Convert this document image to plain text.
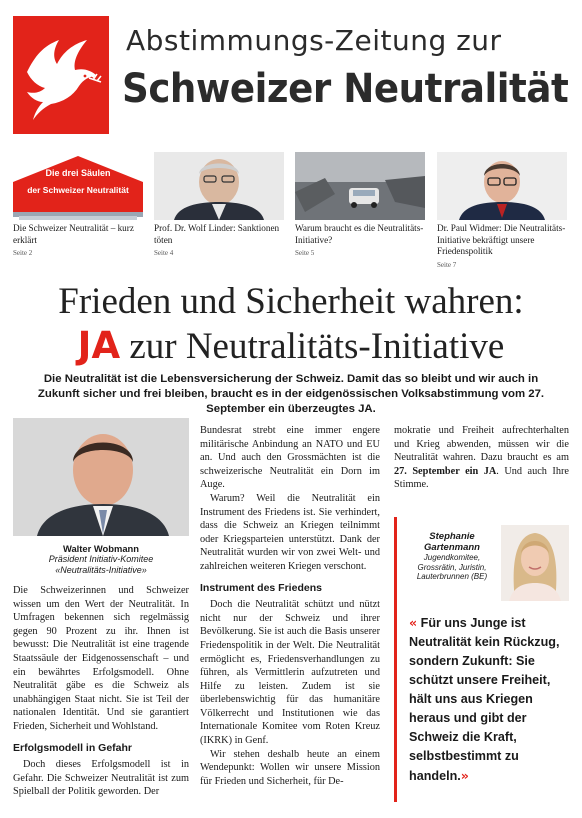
Abstimmungs-Zeitung zur
Schweizer Neutralität
Die drei Säulen
der Schweizer Neutralität
Die Schweizer Neutralität – kurz erklärt
Seite 2
Prof. Dr. Wolf Linder: Sanktionen töten
Seite 4
Warum braucht es die Neutralitäts-Initiative?
Seite 5
Dr. Paul Widmer: Die Neutralitäts-Initiative bekräftigt unsere Friedenspolitik
Seite 7
Frieden und Sicherheit wahren:
JA zur Neutralitäts-Initiative
Die Neutralität ist die Lebensversicherung der Schweiz. Damit das so bleibt und wir auch in Zukunft sicher und frei bleiben, braucht es in der eidgenössischen Volksabstimmung vom 27. September ein überzeugtes JA.
Walter Wobmann
Präsident Initiativ-Komitee
«Neutralitäts-Initiative»

Die Schweizerinnen und Schweizer wissen um den Wert der Neutralität. In Umfragen bekennen sich regelmässig gegen 90 Prozent zu ihr. Ihnen ist bewusst: Die Neutralität ist eine tragende Staatssäule der Eidgenossenschaft – und ein bewährtes Erfolgsmodell. Ohne Neutralität gäbe es die Schweiz als unabhängigen Staat nicht. Sie ist Teil der nationalen Identität. Und sie garantiert Frieden, Sicherheit und Wohlstand.

Erfolgsmodell in Gefahr

Doch dieses Erfolgsmodell ist in Gefahr. Die Schweizer Neutralität ist zum Spielball der Politik geworden. Der

Bundesrat strebt eine immer engere militärische Anbindung an NATO und EU an. Und auch den Grossmächten ist die schweizerische Neutralität ein Dorn im Auge.

Warum? Weil die Neutralität ein Instrument des Friedens ist. Sie verhindert, dass die Schweiz an Kriegen teilnimmt oder Kriegsparteien unterstützt. Dank der Neutralität wurden wir von zwei Welt- und zahlreichen weiteren Kriegen verschont.

Instrument des Friedens

Doch die Neutralität schützt und nützt nicht nur der Schweiz und ihrer Bevölkerung. Sie ist auch die Basis unserer Friedenspolitik in der Welt. Die Neutralität ermöglicht es, Friedensverhandlungen zu führen, als Vermittlerin aufzutreten und Hilfe zu leisten. Zudem ist sie überlebenswichtig für das humanitäre Völkerrecht und Institutionen wie das Internationale Komitee vom Roten Kreuz (IKRK) in Genf.

Wir stehen deshalb heute an einem Wendepunkt: Wollen wir unsere Mission für Frieden und Sicherheit, für De-

mokratie und Freiheit aufrechterhalten und Krieg abwenden, müssen wir die Neutralität wahren. Dazu braucht es am 27. September ein JA. Und auch Ihre Stimme.

Stephanie
Gartenmann
Jugendkomitee,
Grossrätin, Juristin,
Lauterbrunnen (BE)
« Für uns Junge ist Neutralität kein Rückzug, sondern Zukunft: Sie schützt unsere Freiheit, hält uns aus Kriegen heraus und gibt der Schweiz die Kraft, selbstbestimmt zu handeln.»
